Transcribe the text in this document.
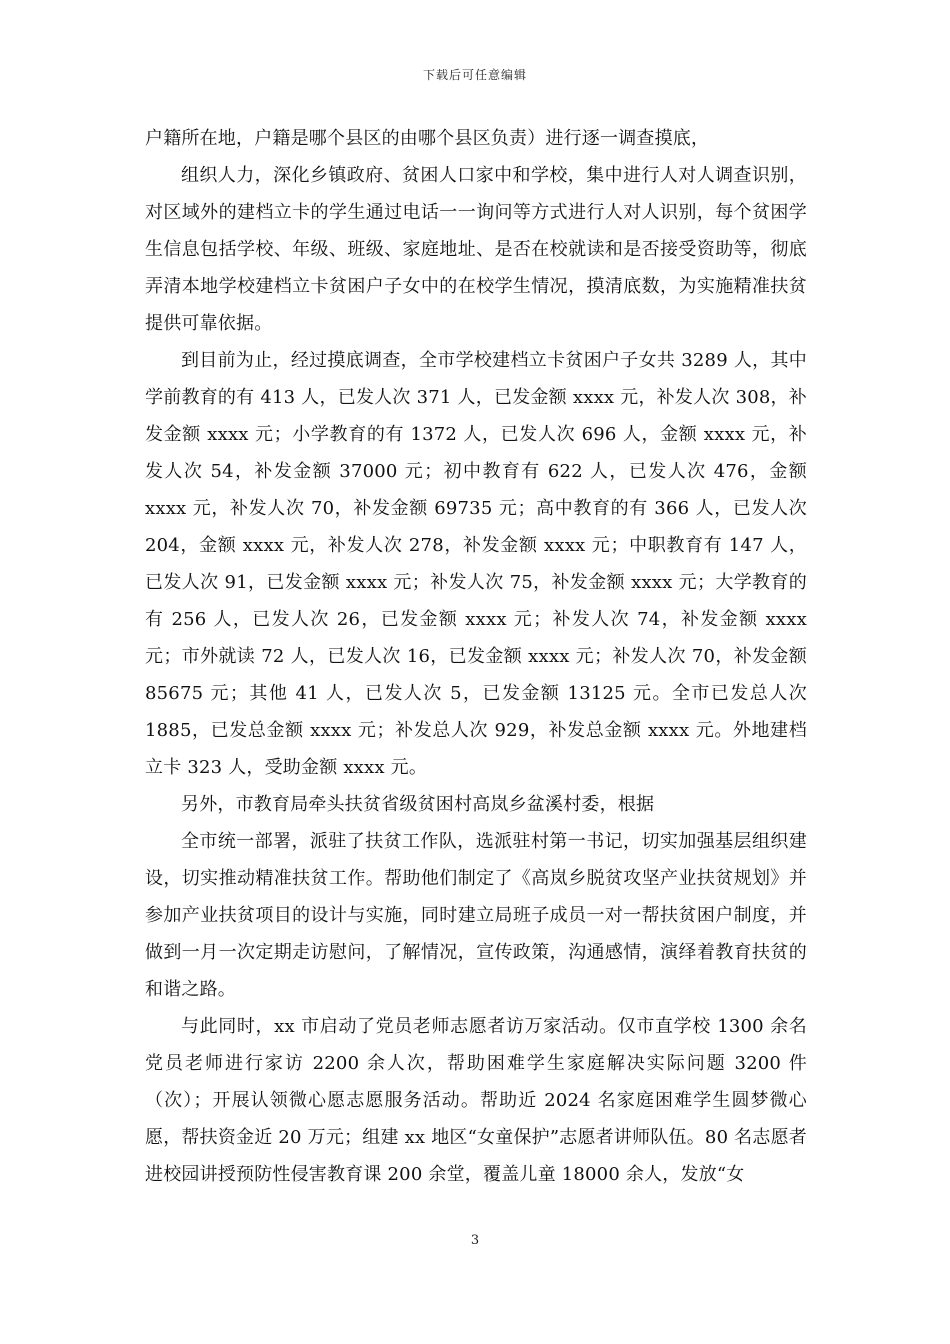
下载后可任意编辑

户籍所在地，户籍是哪个县区的由哪个县区负责）进行逐一调查摸底，

组织人力，深化乡镇政府、贫困人口家中和学校，集中进行人对人调查识别，对区域外的建档立卡的学生通过电话一一询问等方式进行人对人识别，每个贫困学生信息包括学校、年级、班级、家庭地址、是否在校就读和是否接受资助等，彻底弄清本地学校建档立卡贫困户子女中的在校学生情况，摸清底数，为实施精准扶贫提供可靠依据。

到目前为止，经过摸底调查，全市学校建档立卡贫困户子女共 3289 人，其中学前教育的有 413 人，已发人次 371 人，已发金额 xxxx 元，补发人次 308，补发金额 xxxx 元；小学教育的有 1372 人，已发人次 696 人，金额 xxxx 元，补发人次 54，补发金额 37000 元；初中教育有 622 人，已发人次 476，金额 xxxx 元，补发人次 70，补发金额 69735 元；高中教育的有 366 人，已发人次 204，金额 xxxx 元，补发人次 278，补发金额 xxxx 元；中职教育有 147 人，已发人次 91，已发金额 xxxx 元；补发人次 75，补发金额 xxxx 元；大学教育的有 256 人，已发人次 26，已发金额 xxxx 元；补发人次 74，补发金额 xxxx 元；市外就读 72 人，已发人次 16，已发金额 xxxx 元；补发人次 70，补发金额 85675 元；其他 41 人，已发人次 5，已发金额 13125 元。全市已发总人次 1885，已发总金额 xxxx 元；补发总人次 929，补发总金额 xxxx 元。外地建档立卡 323 人，受助金额 xxxx 元。

另外，市教育局牵头扶贫省级贫困村高岚乡盆溪村委，根据

全市统一部署，派驻了扶贫工作队，选派驻村第一书记，切实加强基层组织建设，切实推动精准扶贫工作。帮助他们制定了《高岚乡脱贫攻坚产业扶贫规划》并参加产业扶贫项目的设计与实施，同时建立局班子成员一对一帮扶贫困户制度，并做到一月一次定期走访慰问，了解情况，宣传政策，沟通感情，演绎着教育扶贫的和谐之路。

与此同时，xx 市启动了党员老师志愿者访万家活动。仅市直学校 1300 余名党员老师进行家访 2200 余人次，帮助困难学生家庭解决实际问题 3200 件（次）；开展认领微心愿志愿服务活动。帮助近 2024 名家庭困难学生圆梦微心愿，帮扶资金近 20 万元；组建 xx 地区“女童保护”志愿者讲师队伍。80 名志愿者进校园讲授预防性侵害教育课 200 余堂，覆盖儿童 18000 余人，发放“女

3
